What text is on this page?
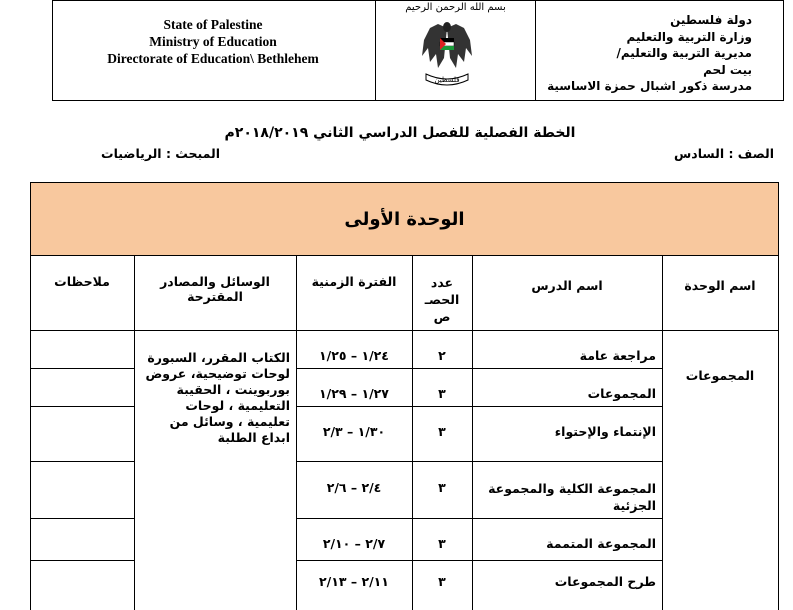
State of Palestine
Ministry of Education
Directorate of Education\ Bethlehem
بسم الله الرحمن الرحيم
فلسطين
دولة فلسطين
وزارة التربية والتعليم
مديرية التربية والتعليم/
بيت لحم
مدرسة ذكور اشبال حمزة الاساسية
الخطة الفصلية للفصل الدراسي الثاني ٢٠١٨/٢٠١٩م
الصف : السادس
المبحث : الرياضيات
الوحدة الأولى
اسم الوحدة
اسم الدرس
عدد
الحصـ
ص
الفترة الزمنية
الوسائل والمصادر المقترحة
ملاحظات
المجموعات
مراجعة عامة
٢
١/٢٤ – ١/٢٥
المجموعات
٣
١/٢٧ – ١/٢٩
الإنتماء والإحتواء
٣
١/٣٠ – ٢/٣
المجموعة الكلية والمجموعة الجزئية
٣
٢/٤ – ٢/٦
المجموعة المتممة
٣
٢/٧ – ٢/١٠
طرح المجموعات
٣
٢/١١ – ٢/١٣
الكتاب المقرر، السبورة لوحات توضيحية، عروض بوربوينت ، الحقيبة التعليمية ، لوحات تعليمية ، وسائل من ابداع الطلبة
